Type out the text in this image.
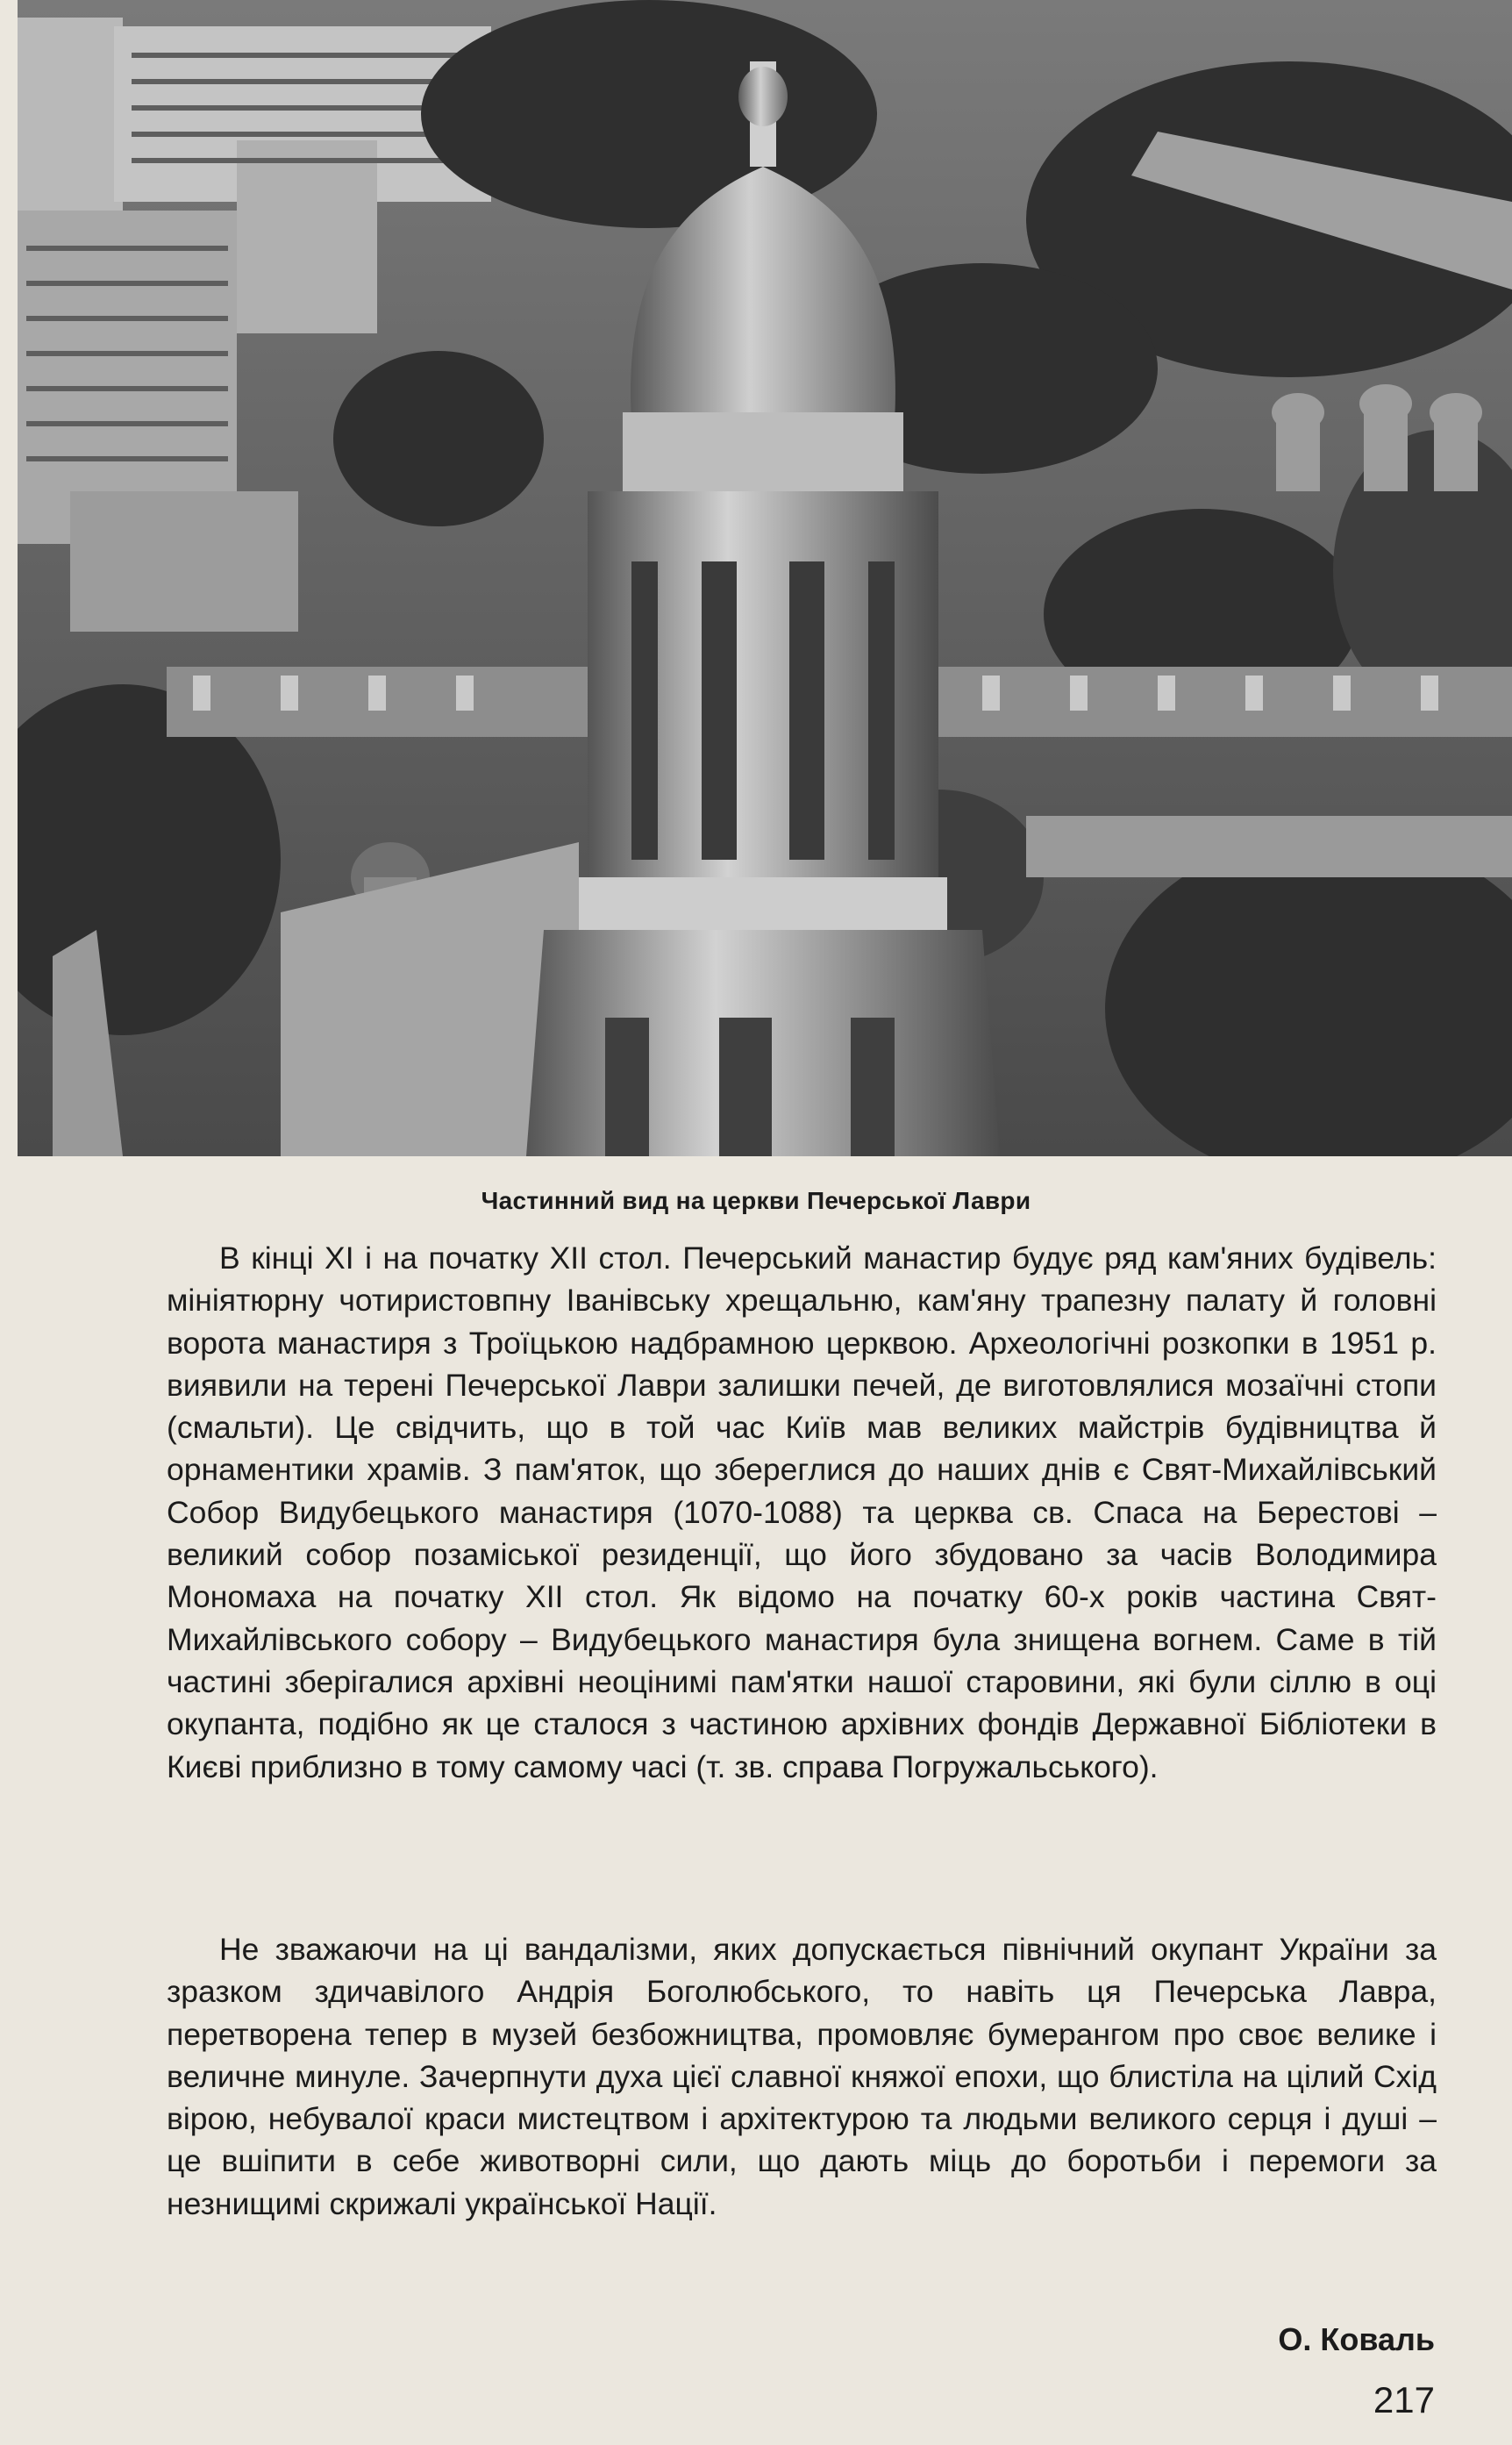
Частинний вид на церкви Печерської Лаври

В кінці XI і на початку XII стол. Печерський манастир будує ряд кам'яних будівель: мініятюрну чотиристовпну Іванівську хрещальню, кам'яну трапезну палату й головні ворота манастиря з Троїцькою надбрамною церквою. Археологічні розкопки в 1951 р. виявили на терені Печерської Лаври залишки печей, де виготовлялися мозаїчні стопи (смальти). Це свідчить, що в той час Київ мав великих майстрів будівництва й орнаментики храмів. З пам'яток, що збереглися до наших днів є Свят-Михайлівський Собор Видубецького манастиря (1070-1088) та церква св. Спаса на Берестові – великий собор позаміської резиденції, що його збудовано за часів Володимира Мономаха на початку XII стол. Як відомо на початку 60-х років частина Свят-Михайлівського собору – Видубецького манастиря була знищена вогнем. Саме в тій частині зберігалися архівні неоцінимі пам'ятки нашої старовини, які були сіллю в оці окупанта, подібно як це сталося з частиною архівних фондів Державної Бібліотеки в Києві приблизно в тому самому часі (т. зв. справа Погружальського).

Не зважаючи на ці вандалізми, яких допускається північний окупант України за зразком здичавілого Андрія Боголюбського, то навіть ця Печерська Лавра, перетворена тепер в музей безбожництва, промовляє бумерангом про своє велике і величне минуле. Зачерпнути духа цієї славної княжої епохи, що блистіла на цілий Схід вірою, небувалої краси мистецтвом і архітектурою та людьми великого серця і душі – це вшіпити в себе животворні сили, що дають міць до боротьби і перемоги за незнищимі скрижалі української Нації.

О. Коваль
217
